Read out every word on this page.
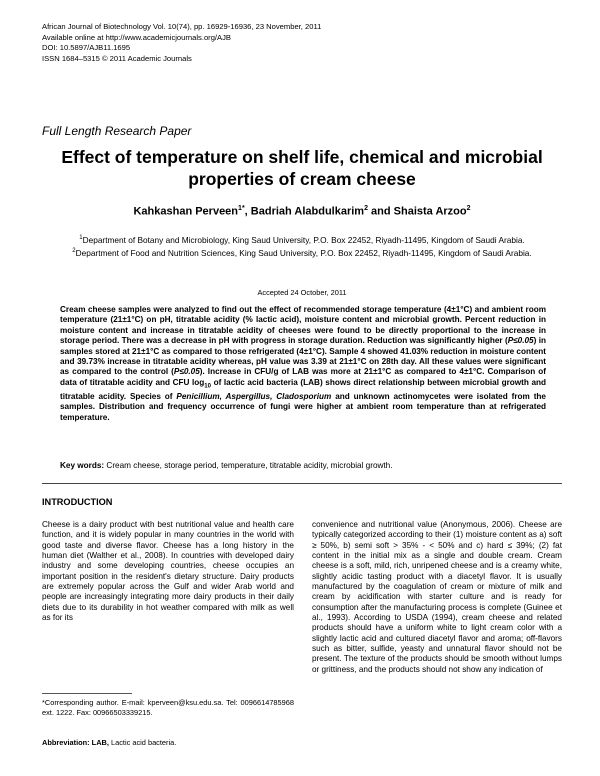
African Journal of Biotechnology Vol. 10(74), pp. 16929-16936, 23 November, 2011
Available online at http://www.academicjournals.org/AJB
DOI: 10.5897/AJB11.1695
ISSN 1684–5315 © 2011 Academic Journals
Full Length Research Paper
Effect of temperature on shelf life, chemical and microbial properties of cream cheese
Kahkashan Perveen$^{1*}$, Badriah Alabdulkarim$^2$ and Shaista Arzoo$^2$
$^1$Department of Botany and Microbiology, King Saud University, P.O. Box 22452, Riyadh-11495, Kingdom of Saudi Arabia.
$^2$Department of Food and Nutrition Sciences, King Saud University, P.O. Box 22452, Riyadh-11495, Kingdom of Saudi Arabia.
Accepted 24 October, 2011
Cream cheese samples were analyzed to find out the effect of recommended storage temperature (4±1°C) and ambient room temperature (21±1°C) on pH, titratable acidity (% lactic acid), moisture content and microbial growth. Percent reduction in moisture content and increase in titratable acidity of cheeses were found to be directly proportional to the increase in storage period. There was a decrease in pH with progress in storage duration. Reduction was significantly higher (P≤0.05) in samples stored at 21±1°C as compared to those refrigerated (4±1°C). Sample 4 showed 41.03% reduction in moisture content and 39.73% increase in titratable acidity whereas, pH value was 3.39 at 21±1°C on 28th day. All these values were significant as compared to the control (P≤0.05). Increase in CFU/g of LAB was more at 21±1°C as compared to 4±1°C. Comparison of data of titratable acidity and CFU $\log_{10}$ of lactic acid bacteria (LAB) shows direct relationship between microbial growth and titratable acidity. Species of Penicillium, Aspergillus, Cladosporium and unknown actinomycetes were isolated from the samples. Distribution and frequency occurrence of fungi were higher at ambient room temperature than at refrigerated temperature.
Key words: Cream cheese, storage period, temperature, titratable acidity, microbial growth.
INTRODUCTION
Cheese is a dairy product with best nutritional value and health care function, and it is widely popular in many countries in the world with good taste and diverse flavor. Cheese has a long history in the human diet (Walther et al., 2008). In countries with developed dairy industry and some developing countries, cheese occupies an important position in the resident's dietary structure. Dairy products are extremely popular across the Gulf and wider Arab world and people are increasingly integrating more dairy products in their daily diets due to its durability in hot weather compared with milk as well as for its
convenience and nutritional value (Anonymous, 2006). Cheese are typically categorized according to their (1) moisture content as a) soft ≥ 50%, b) semi soft > 35% - < 50% and c) hard ≤ 39%; (2) fat content in the initial mix as a single and double cream. Cream cheese is a soft, mild, rich, unripened cheese and is a creamy white, slightly acidic tasting product with a diacetyl flavor. It is usually manufactured by the coagulation of cream or mixture of milk and cream by acidification with starter culture and is ready for consumption after the manufacturing process is complete (Guinee et al., 1993). According to USDA (1994), cream cheese and related products should have a uniform white to light cream color with a slightly lactic acid and cultured diacetyl flavor and aroma; off-flavors such as bitter, sulfide, yeasty and unnatural flavor should not be present. The texture of the products should be smooth without lumps or grittiness, and the products should not show any indication of
*Corresponding author. E-mail: kperveen@ksu.edu.sa. Tel: 0096614785968 ext. 1222. Fax: 00966503339215.
Abbreviation: LAB, Lactic acid bacteria.
